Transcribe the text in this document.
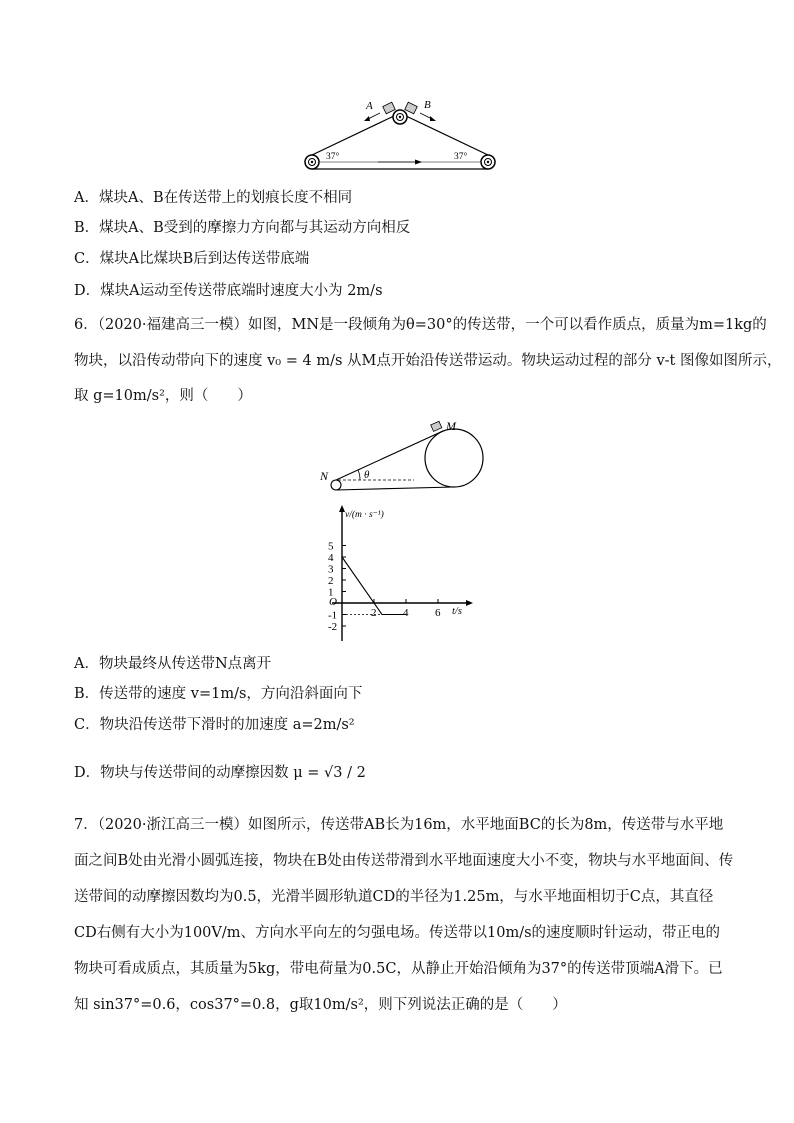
A	B
37°	37°
A．煤块A、B在传送带上的划痕长度不相同
B．煤块A、B受到的摩擦力方向都与其运动方向相反
C．煤块A比煤块B后到达传送带底端
D．煤块A运动至传送带底端时速度大小为 2m/s
6．（2020·福建高三一模）如图，MN是一段倾角为θ=30°的传送带，一个可以看作质点，质量为m=1kg的
物块，以沿传动带向下的速度 v₀ = 4 m/s 从M点开始沿传送带运动。物块运动过程的部分 v-t 图像如图所示，
取 g=10m/s²，则（　　）
M
N	θ
v/(m · s⁻¹)
t/s
O
5
4
3
2
1
-1
-2
2 4 6
A．物块最终从传送带N点离开
B．传送带的速度 v=1m/s，方向沿斜面向下
C．物块沿传送带下滑时的加速度 a=2m/s²
D．物块与传送带间的动摩擦因数 μ = √3 / 2
7．（2020·浙江高三一模）如图所示，传送带AB长为16m，水平地面BC的长为8m，传送带与水平地面之间B处由光滑小圆弧连接，物块在B处由传送带滑到水平地面速度大小不变，物块与水平地面间、传送带间的动摩擦因数均为0.5，光滑半圆形轨道CD的半径为1.25m，与水平地面相切于C点，其直径CD右侧有大小为100V/m、方向水平向左的匀强电场。传送带以10m/s的速度顺时针运动，带正电的物块可看成质点，其质量为5kg，带电荷量为0.5C，从静止开始沿倾角为37°的传送带顶端A滑下。已知 sin37°=0.6，cos37°=0.8，g取10m/s²，则下列说法正确的是（　　）
